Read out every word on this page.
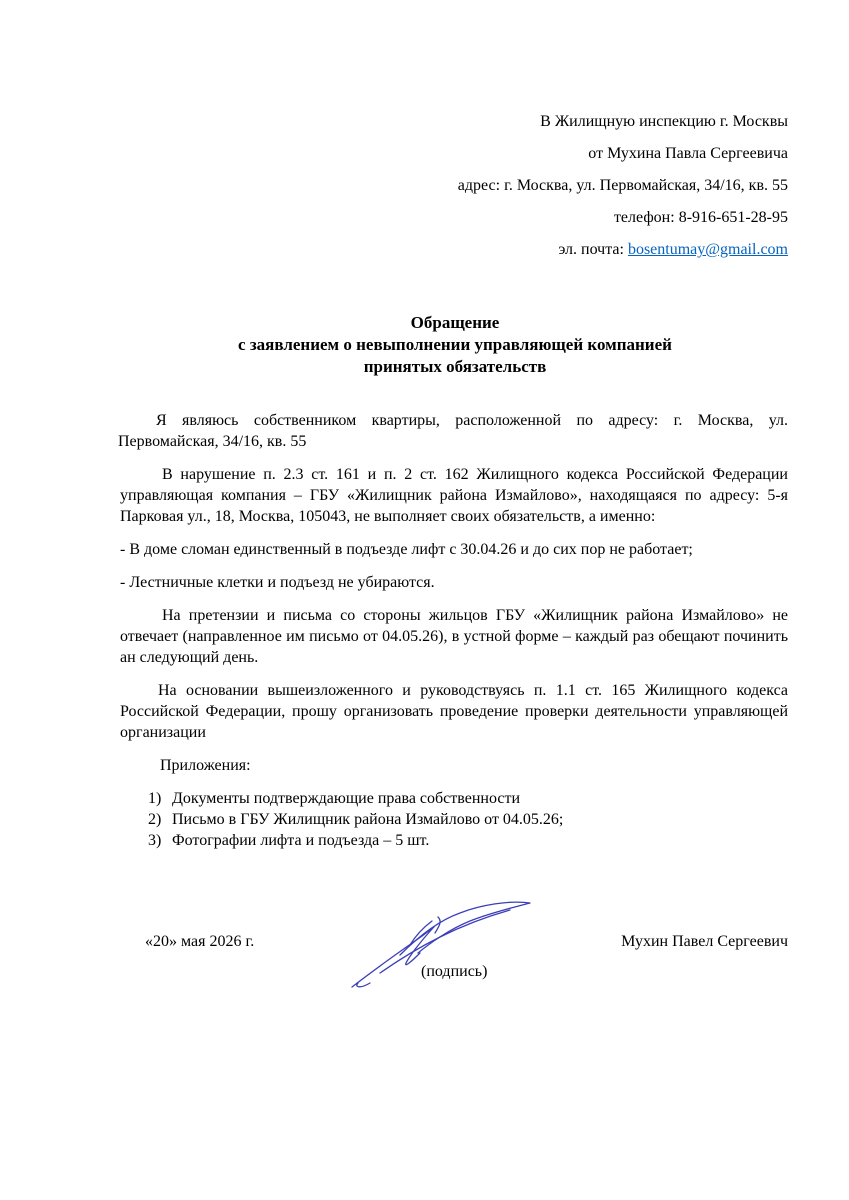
В Жилищную инспекцию г. Москвы
от Мухина Павла Сергеевича
адрес: г. Москва, ул. Первомайская, 34/16, кв. 55
телефон: 8-916-651-28-95
эл. почта: bosentumay@gmail.com
Обращение
с заявлением о невыполнении управляющей компанией
принятых обязательств

Я являюсь собственником квартиры, расположенной по адресу: г. Москва, ул. Первомайская, 34/16, кв. 55

В нарушение п. 2.3 ст. 161 и п. 2 ст. 162 Жилищного кодекса Российской Федерации управляющая компания – ГБУ «Жилищник района Измайлово», находящаяся по адресу: 5-я Парковая ул., 18, Москва, 105043, не выполняет своих обязательств, а именно:

- В доме сломан единственный в подъезде лифт с 30.04.26 и до сих пор не работает;

- Лестничные клетки и подъезд не убираются.

На претензии и письма со стороны жильцов ГБУ «Жилищник района Измайлово» не отвечает (направленное им письмо от 04.05.26), в устной форме – каждый раз обещают починить ан следующий день.

На основании вышеизложенного и руководствуясь п. 1.1 ст. 165 Жилищного кодекса Российской Федерации, прошу организовать проведение проверки деятельности управляющей организации

Приложения:

1) Документы подтверждающие права собственности
2) Письмо в ГБУ Жилищник района Измайлово от 04.05.26;
3) Фотографии лифта и подъезда – 5 шт.
«20» мая 2026 г.
(подпись)
Мухин Павел Сергеевич
